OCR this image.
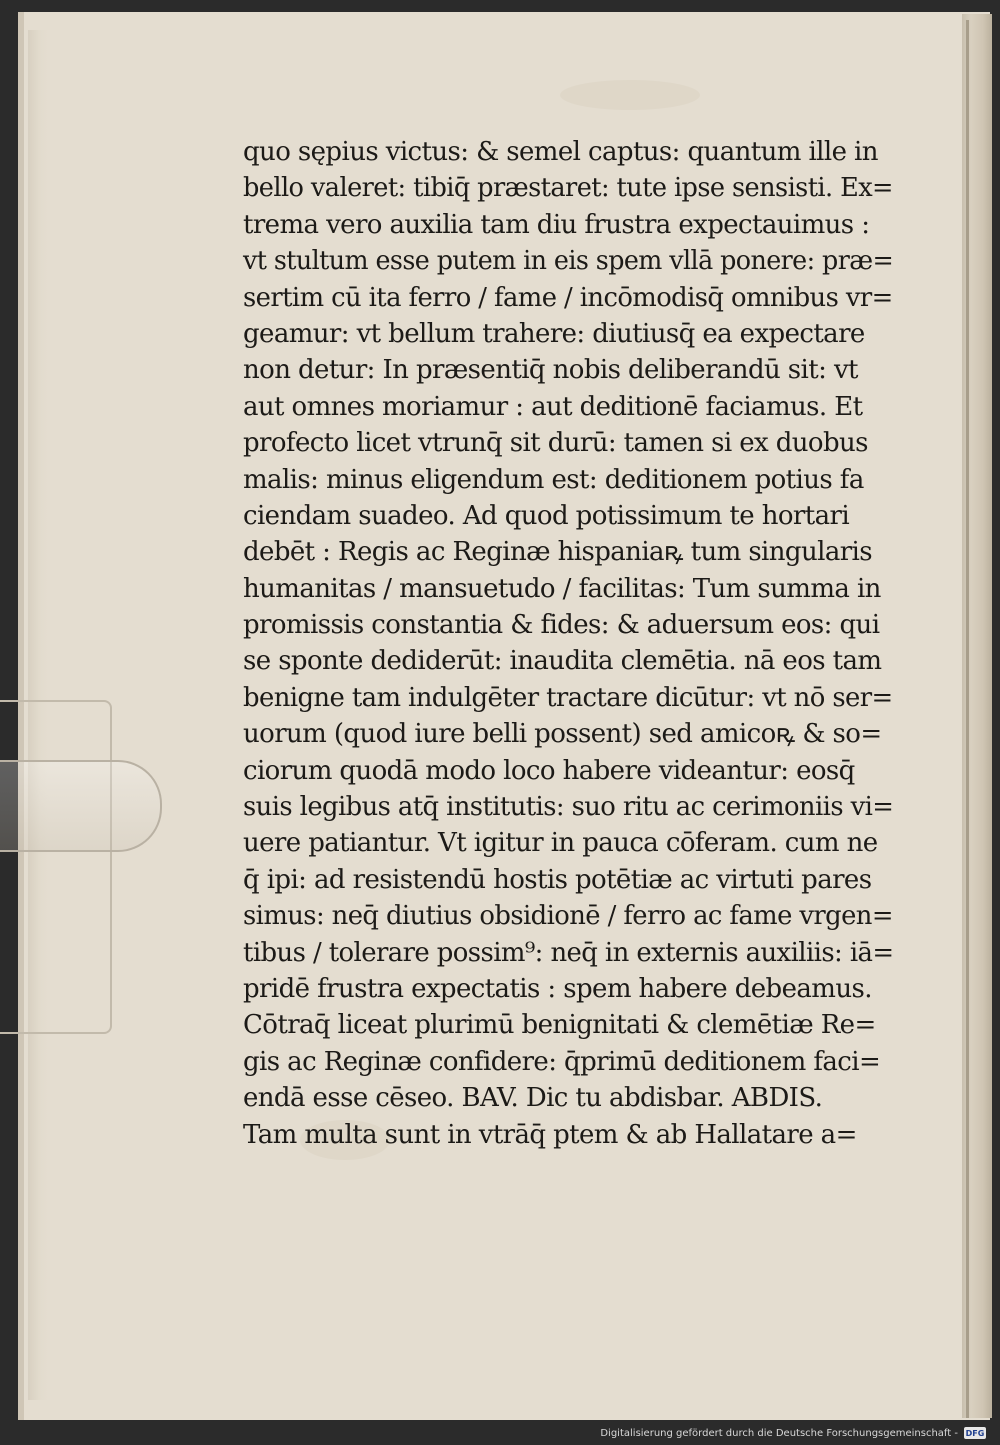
quo sępius victus: & semel captus: quantum ille in
bello valeret: tibiq̄ præstaret: tute ipse sensisti. Ex=
trema vero auxilia tam diu frustra expectauimus :
vt stultum esse putem in eis spem vllā ponere: præ=
sertim cū ita ferro / fame / incōmodisq̄ omnibus vr=
geamur: vt bellum trahere: diutiusq̄ ea expectare
non detur: In præsentiq̄ nobis deliberandū sit: vt
aut omnes moriamur : aut deditionē faciamus. Et
profecto licet vtrunq̄ sit durū: tamen si ex duobus
malis: minus eligendum est: deditionem potius fa
ciendam suadeo. Ad quod potissimum te hortari
debēt : Regis ac Reginæ hispaniaꝶ tum singularis
humanitas / mansuetudo / facilitas: Tum summa in
promissis constantia & fides: & aduersum eos: qui
se sponte dediderūt: inaudita clemētia. nā eos tam
benigne tam indulgēter tractare dicūtur: vt nō ser=
uorum (quod iure belli possent) sed amicoꝶ & so=
ciorum quodā modo loco habere videantur: eosq̄
suis legibus atq̄ institutis: suo ritu ac cerimoniis vi=
uere patiantur. Vt igitur in pauca cōferam. cum ne
q̄ ipi: ad resistendū hostis potētiæ ac virtuti pares
simus: neq̄ diutius obsidionē / ferro ac fame vrgen=
tibus / tolerare possim⁹: neq̄ in externis auxiliis: iā=
pridē frustra expectatis : spem habere debeamus.
Cōtraq̄ liceat plurimū benignitati & clemētiæ Re=
gis ac Reginæ confidere: q̄primū deditionem faci=
endā esse cēseo. BAV. Dic tu abdisbar. ABDIS.
Tam multa sunt in vtrāq̄ ptem & ab Hallatare a=
Digitalisierung gefördert durch die Deutsche Forschungsgemeinschaft - DFG
